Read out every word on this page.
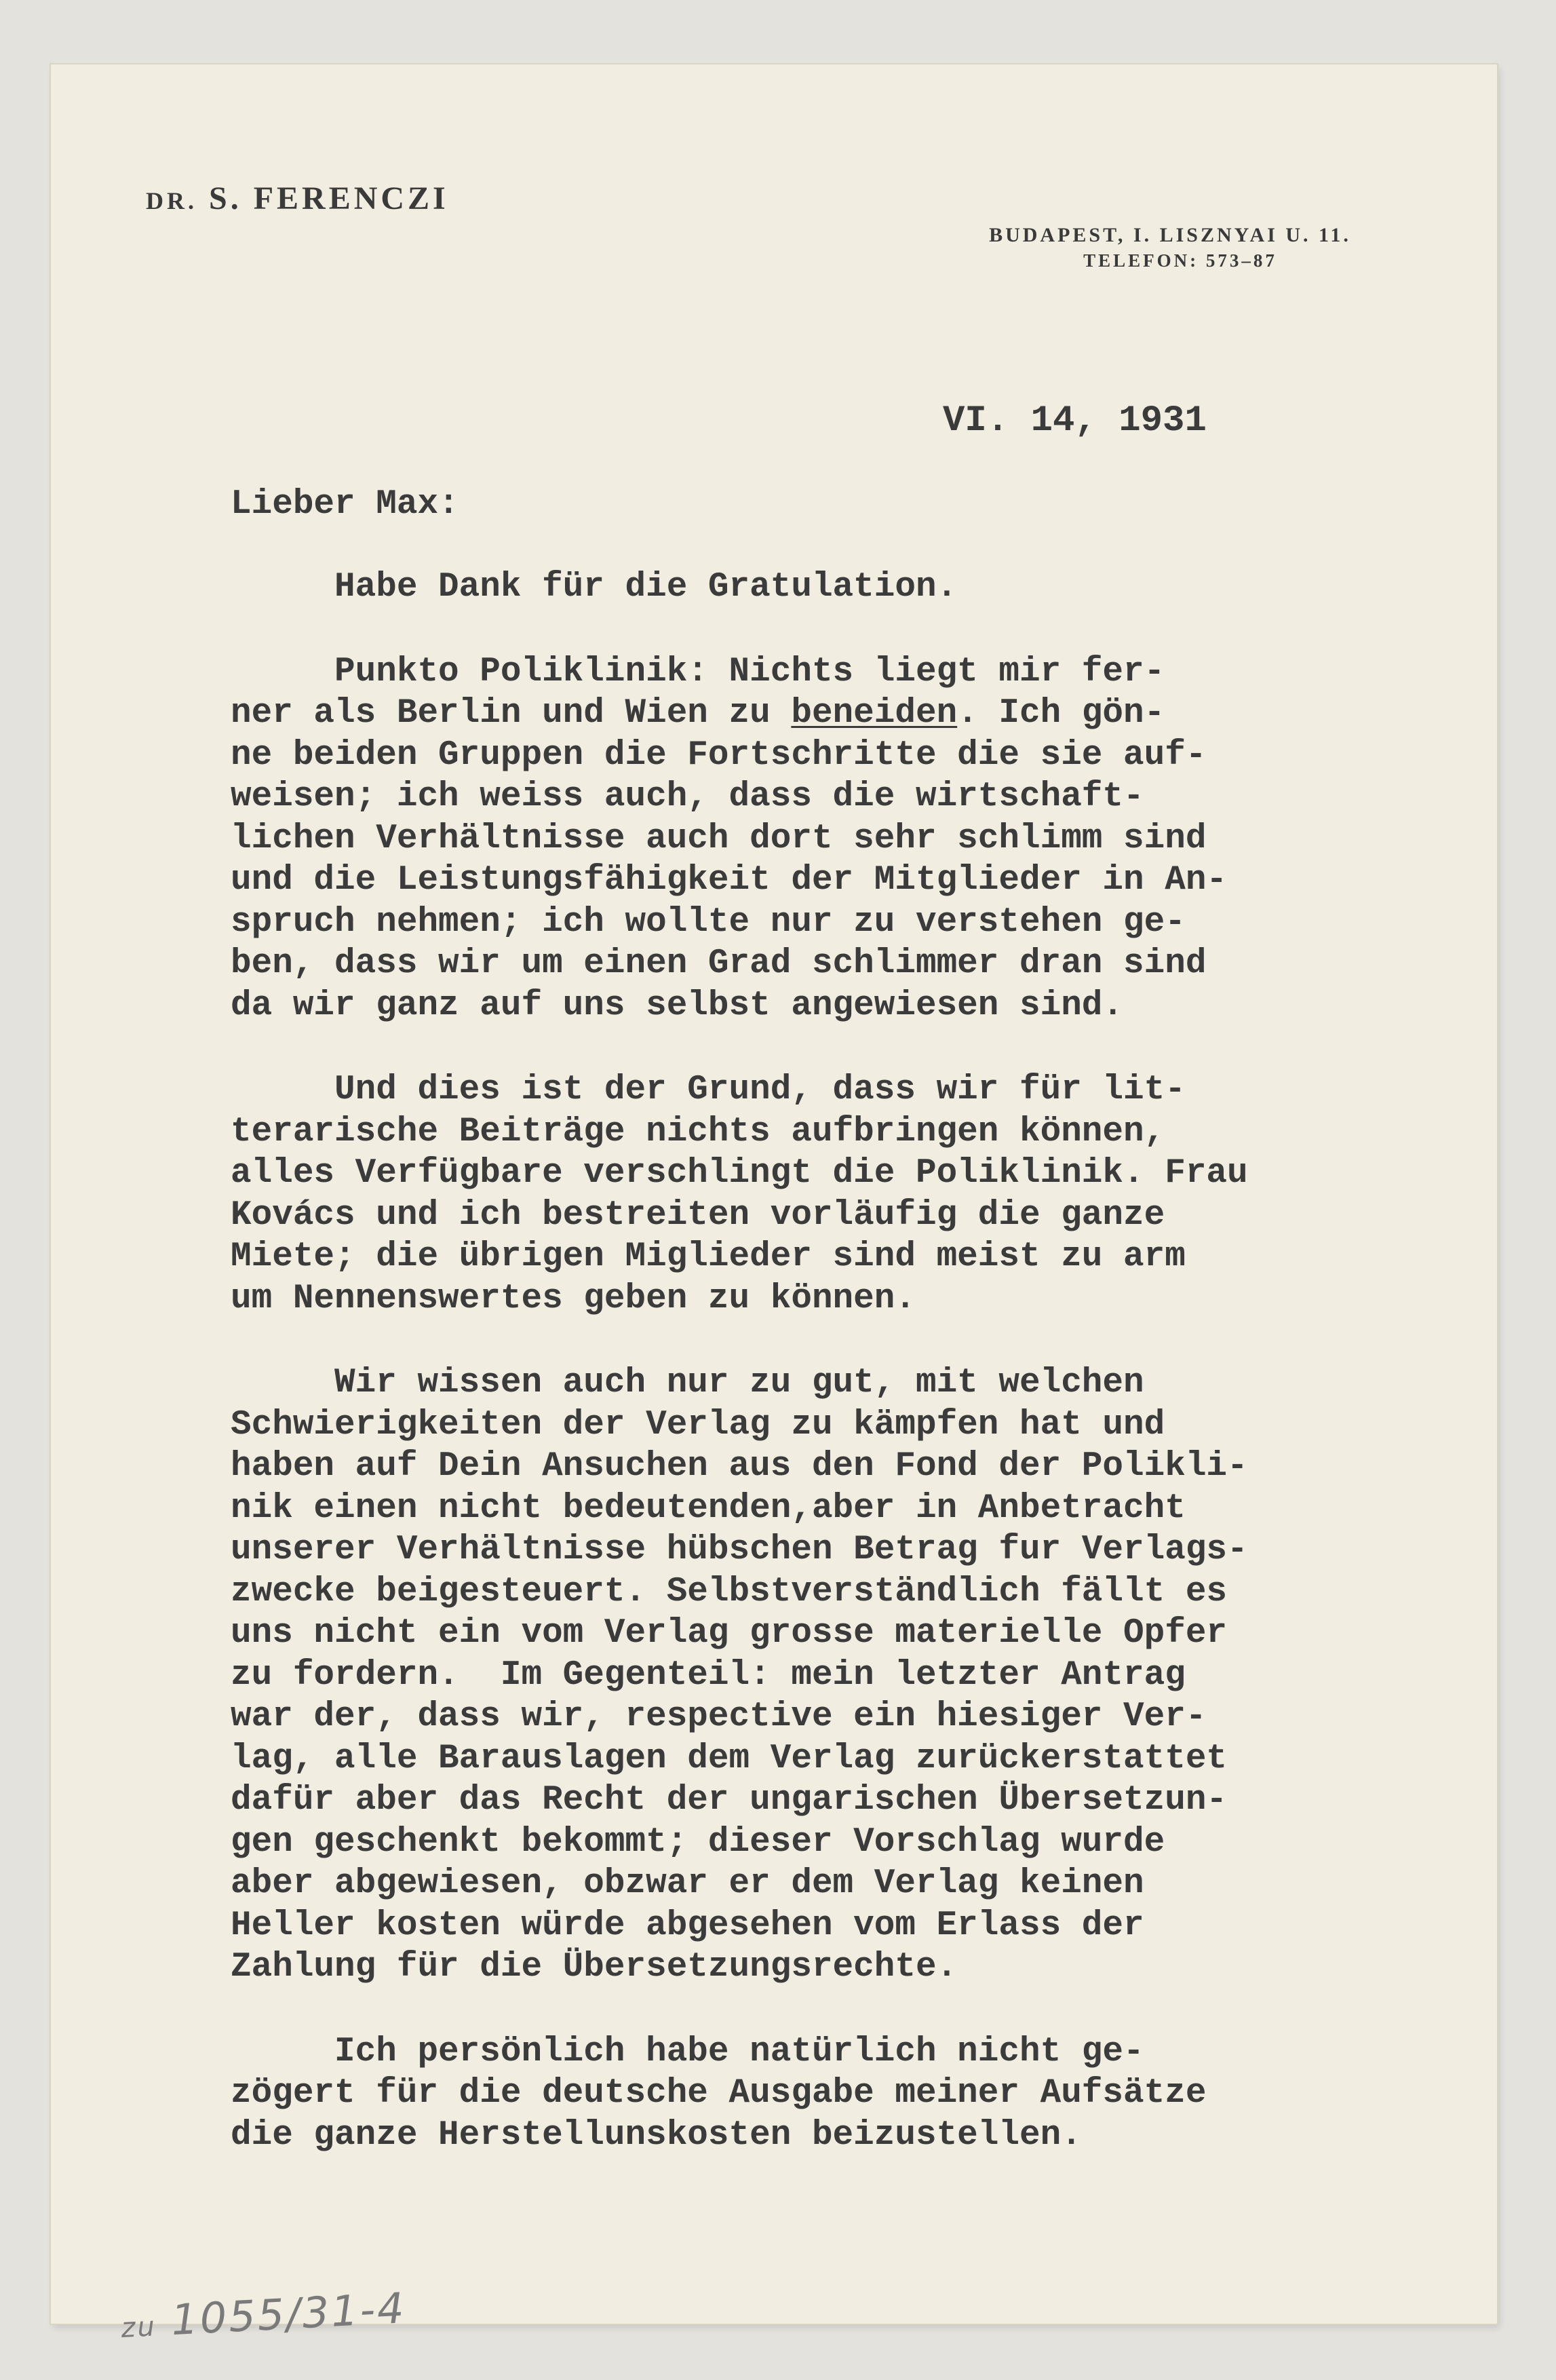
DR. S. FERENCZI
BUDAPEST, I. LISZNYAI U. 11.
TELEFON: 573–87
VI. 14, 1931
Lieber Max:
Habe Dank für die Gratulation.
Punkto Poliklinik: Nichts liegt mir fer-
ner als Berlin und Wien zu beneiden. Ich gön-
ne beiden Gruppen die Fortschritte die sie auf-
weisen; ich weiss auch, dass die wirtschaft-
lichen Verhältnisse auch dort sehr schlimm sind
und die Leistungsfähigkeit der Mitglieder in An-
spruch nehmen; ich wollte nur zu verstehen ge-
ben, dass wir um einen Grad schlimmer dran sind
da wir ganz auf uns selbst angewiesen sind.
Und dies ist der Grund, dass wir für lit-
terarische Beiträge nichts aufbringen können,
alles Verfügbare verschlingt die Poliklinik. Frau
Kovács und ich bestreiten vorläufig die ganze
Miete; die übrigen Miglieder sind meist zu arm
um Nennenswertes geben zu können.
Wir wissen auch nur zu gut, mit welchen
Schwierigkeiten der Verlag zu kämpfen hat und
haben auf Dein Ansuchen aus den Fond der Polikli-
nik einen nicht bedeutenden,aber in Anbetracht
unserer Verhältnisse hübschen Betrag fur Verlags-
zwecke beigesteuert. Selbstverständlich fällt es
uns nicht ein vom Verlag grosse materielle Opfer
zu fordern.  Im Gegenteil: mein letzter Antrag
war der, dass wir, respective ein hiesiger Ver-
lag, alle Barauslagen dem Verlag zurückerstattet
dafür aber das Recht der ungarischen Übersetzun-
gen geschenkt bekommt; dieser Vorschlag wurde
aber abgewiesen, obzwar er dem Verlag keinen
Heller kosten würde abgesehen vom Erlass der
Zahlung für die Übersetzungsrechte.
Ich persönlich habe natürlich nicht ge-
zögert für die deutsche Ausgabe meiner Aufsätze
die ganze Herstellunskosten beizustellen.
zu 1055/31-4
